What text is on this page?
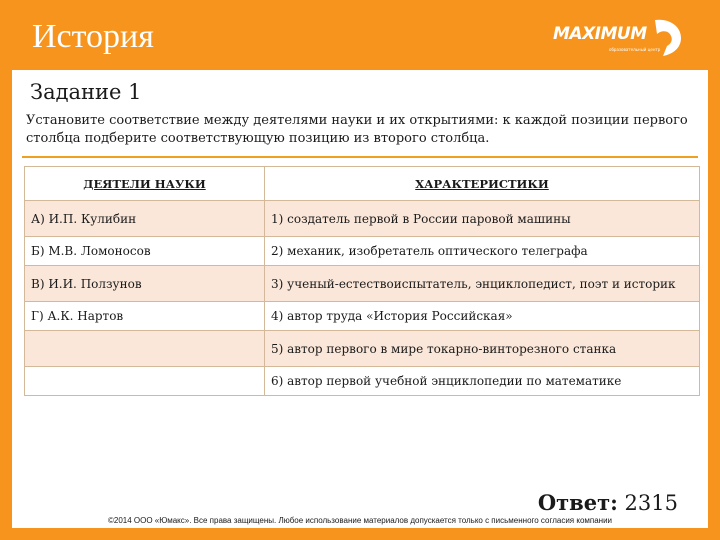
История	MAXIMUM
образовательный центр
Задание 1
Установите соответствие между деятелями науки и их открытиями: к каждой позиции первого столбца подберите соответствующую позицию из второго столбца.
ДЕЯТЕЛИ НАУКИ	ХАРАКТЕРИСТИКИ
А) И.П. Кулибин	1) создатель первой в России паровой машины
Б) М.В. Ломоносов	2) механик, изобретатель оптического телеграфа
В) И.И. Ползунов	3) ученый-естествоиспытатель, энциклопедист, поэт и историк
Г) А.К. Нартов	4) автор труда «История Российская»
	5) автор первого в мире токарно-винторезного станка
	6) автор первой учебной энциклопедии по математике
Ответ: 2315
©2014 ООО «Юмакс». Все права защищены. Любое использование материалов допускается только с письменного согласия компании
